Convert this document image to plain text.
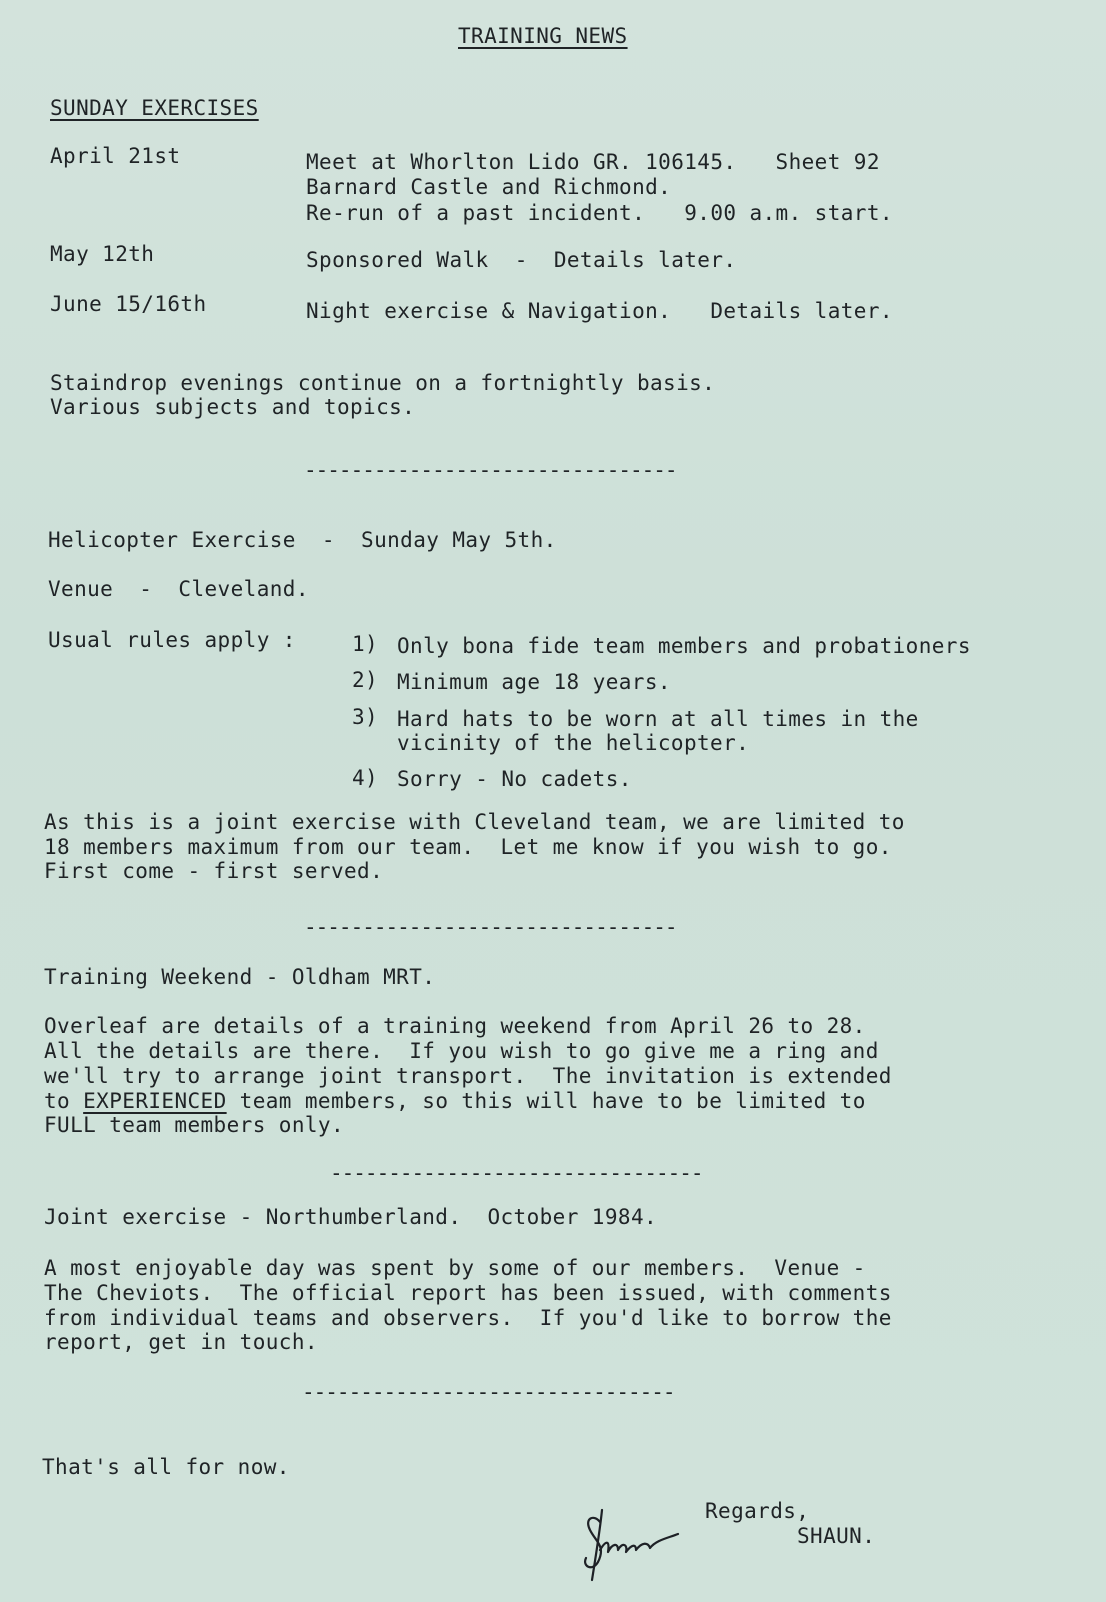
TRAINING NEWS
SUNDAY EXERCISES
April 21st	Meet at Whorlton Lido GR. 106145.   Sheet 92
Barnard Castle and Richmond.
Re-run of a past incident.   9.00 a.m. start.
May 12th	Sponsored Walk  -  Details later.
June 15/16th	Night exercise & Navigation.   Details later.
Staindrop evenings continue on a fortnightly basis.
Various subjects and topics.
--------------------------------
Helicopter Exercise  -  Sunday May 5th.
Venue  -  Cleveland.
Usual rules apply :	1) Only bona fide team members and probationers
2) Minimum age 18 years.
3) Hard hats to be worn at all times in the
vicinity of the helicopter.
4) Sorry - No cadets.
As this is a joint exercise with Cleveland team, we are limited to
18 members maximum from our team.  Let me know if you wish to go.
First come - first served.
--------------------------------
Training Weekend - Oldham MRT.
Overleaf are details of a training weekend from April 26 to 28.
All the details are there.  If you wish to go give me a ring and
we'll try to arrange joint transport.  The invitation is extended
to EXPERIENCED team members, so this will have to be limited to
FULL team members only.
--------------------------------
Joint exercise - Northumberland.  October 1984.
A most enjoyable day was spent by some of our members.  Venue -
The Cheviots.  The official report has been issued, with comments
from individual teams and observers.  If you'd like to borrow the
report, get in touch.
--------------------------------
That's all for now.
Regards,
SHAUN.
